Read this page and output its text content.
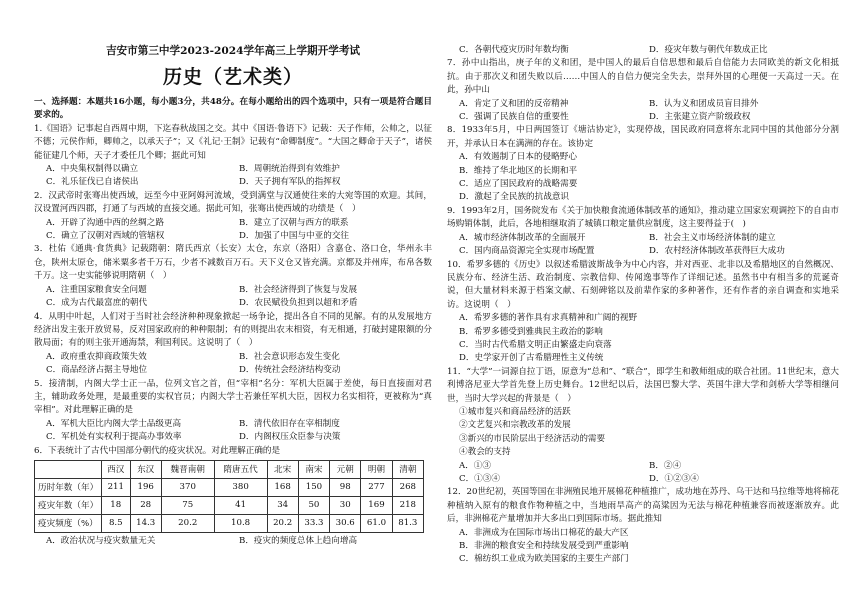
吉安市第三中学2023-2024学年高三上学期开学考试
历史（艺术类）
一、选择题：本题共16小题，每小题3分，共48分。在每小题给出的四个选项中，只有一项是符合题目要求的。
1.《国语》记事起自西周中期，下迄春秋战国之交。其中《国语·鲁语下》记载：天子作师，公帅之，以征不德；元侯作师，卿帅之，以承天子”；又《礼记·王制》记载有“命卿制度”。“大国之卿命于天子”，诸侯能征建几个师，天子才委任几个卿；据此可知
A．中央集权制得以确立	B．周朝统治得到有效维护
C．礼乐征伐已自诸侯出	D．天子拥有军队的指挥权
2．汉武帝时张骞出使西域，远至今中亚阿姆河流域，受到满堂与汉通使往来的大宛等国的欢迎。其间，汉设置河西四郡，打通了与西域的直接交通。据此可知，张骞出使西域的功绩是（　）
A．开辟了沟通中西的丝绸之路	B．建立了汉朝与西方的联系
C．确立了汉朝对西域的管辖权	D．加强了中国与中亚的交往
3．杜佑《通典·食货典》记载隋朝：隋氏西京（长安）太仓，东京（洛阳）含嘉仓、洛口仓，华州永丰仓，陕州太原仓，储米粟多者千万石，少者不减数百万石。天下义仓又皆充满。京都及并州库，布帛各数千万。这一史实能够说明隋朝（　）
A．注重国家粮食安全问题	B．社会经济得到了恢复与发展
C．成为古代最富庶的朝代	D．农民赋役负担到以超和矛盾
4．从明中叶起，人们对于当时社会经济种种现象掀起一场争论，提出各自不同的见解。有的从发展地方经济出发主张开放贸易，反对国家政府的种种限制；有的则提出农末相资，有无相通，打破封建限额的分散局面；有的则主张开通海禁，利国利民。这说明了（　）
A．政府重农抑商政策失效	B．社会意识形态发生变化
C．商品经济占据主导地位	D．传统社会经济结构变动
5．接清制，内阁大学士正一品，位列文官之首，但“宰相”名分：军机大臣属于差使，每日直接面对君主，辅助政务处理，是最重要的实权官员；内阁大学士若兼任军机大臣，因权力名实相符，更被称为“真宰相”。对此理解正确的是
A．军机大臣比内阁大学士品级更高	B．清代依旧存在宰相制度
C．军机处有实权利于提高办事效率	D．内阁权压众臣参与决策
6．下表统计了古代中国部分朝代的疫灾状况。对此理解正确的是
	西汉	东汉	魏晋南朝	隋唐五代	北宋	南宋	元朝	明朝	清朝
历时年数（年）	211	196	370	380	168	150	98	277	268
疫灾年数（年）	18	28	75	41	34	50	30	169	218
疫灾频度（%）	8.5	14.3	20.2	10.8	20.2	33.3	30.6	61.0	81.3
A．政治状况与疫灾数量无关	B．疫灾的频度总体上趋向增高
C．各朝代疫灾历时年数均衡	D．疫灾年数与朝代年数成正比
7．孙中山指出，庚子年的义和团，是中国人的最后自信思想和最后自信能力去同欧美的新文化相抵抗。由于那次义和团失败以后……中国人的自信力便完全失去，崇拜外国的心理便一天高过一天。在此，孙中山
A．肯定了义和团的反帝精神	B．认为义和团成员盲目排外
C．强调了民族自信的重要性	D．主张建立资产阶级政权
8．1933年5月，中日两国签订《塘沽协定》，实现停战，国民政府同意将东北同中国的其他部分分割开，并承认日本在满洲的存在。该协定
A．有效遏制了日本的侵略野心
B．维持了华北地区的长期和平
C．适应了国民政府的战略需要
D．激起了全民族的抗战意识
9．1993年2月，国务院发布《关于加快粮食流通体制改革的通知》，推动建立国家宏观调控下的自由市场购销体制，此后，各地相继取消了城镇口粮定量供应制度，这主要得益于(　)
A．城市经济体制改革的全面展开	B．社会主义市场经济体制的建立
C．国内商品资源完全实现市场配置	D．农村经济体制改革获得巨大成功
10．希罗多德的《历史》以叙述希腊波斯战争为中心内容，并对西亚、北非以及希腊地区的自然概况、民族分布、经济生活、政治制度、宗教信仰、传闻逸事等作了详细记述。虽然书中有相当多的荒诞奇说，但大量材料来源于档案文献、石刻碑铭以及前辈作家的多种著作，还有作者的亲自调查和实地采访。这说明（　）
A．希罗多德的著作具有求真精神和广阔的视野
B．希罗多德受到雅典民主政治的影响
C．当时古代希腊文明正由繁盛走向衰落
D．史学家开创了古希腊理性主义传统
11．“大学”一词源自拉丁语，原意为“总和”、“联合”，即学生和教师组成的联合社团。11世纪末，意大利博洛尼亚大学首先登上历史舞台。12世纪以后，法国巴黎大学、英国牛津大学和剑桥大学等相继问世，当时大学兴起的背景是（　）
①城市复兴和商品经济的活跃
②文艺复兴和宗教改革的发展
③新兴的市民阶层出于经济活动的需要
④教会的支持
A．①③	B．②④
C．①③④	D．①②③④
12．20世纪初，英国等国在非洲殖民地开展棉花种植推广，成功地在苏丹、乌干达和马拉维等地将棉花种植纳入原有的粮食作物种植之中，当地雨旱高产的高粱因为无法与棉花种植兼容而被逐渐放弃。此后，非洲棉花产量增加并大多出口到国际市场。据此推知
A．非洲成为在国际市场出口棉花的最大产区
B．非洲的粮食安全和持续发展受到严重影响
C．棉纺织工业成为欧美国家的主要生产部门
